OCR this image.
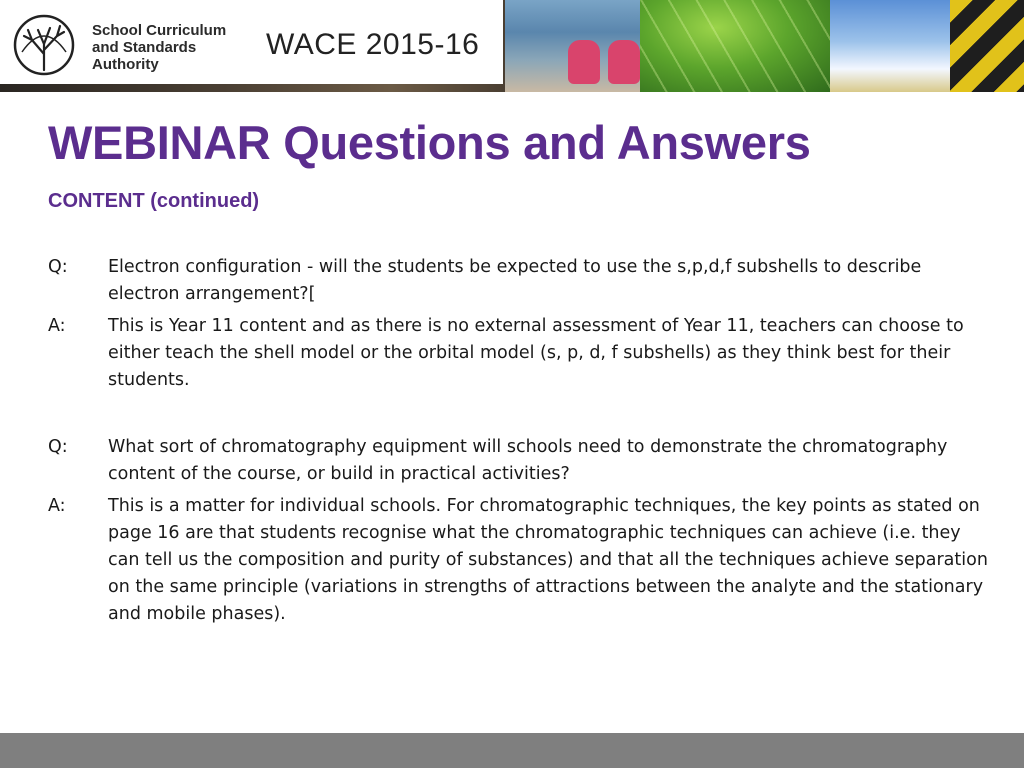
School Curriculum
and Standards
Authority
WACE 2015-16
WEBINAR Questions and Answers
CONTENT (continued)
Q:	Electron configuration - will the students be expected to use the s,p,d,f subshells to describe electron arrangement?[
A:	This is Year 11 content and as there is no external assessment of Year 11, teachers can choose to either teach the shell model or the orbital model (s, p, d, f subshells) as they think best for their students.
Q:	What sort of chromatography equipment will schools need to demonstrate the chromatography content of the course, or build in practical activities?
A:	This is a matter for individual schools. For chromatographic techniques, the key points as stated on page 16 are that students recognise what the chromatographic techniques can achieve (i.e. they can tell us the composition and purity of substances) and that all the techniques achieve separation on the same principle (variations in strengths of attractions between the analyte and the stationary and mobile phases).
